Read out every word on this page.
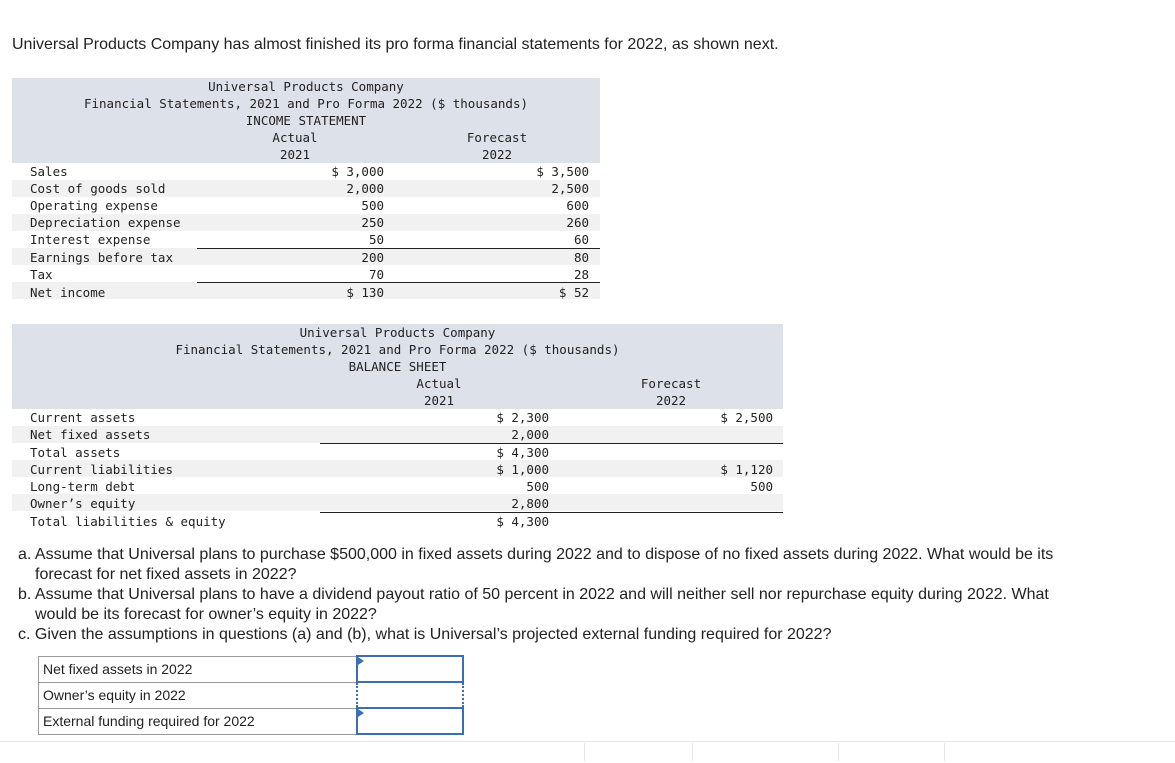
Universal Products Company has almost finished its pro forma financial statements for 2022, as shown next.
Universal Products Company
Financial Statements, 2021 and Pro Forma 2022 ($ thousands)
INCOME STATEMENT
Actual
2021
Forecast
2022
Sales	$ 3,000	$ 3,500
Cost of goods sold	2,000	2,500
Operating expense	500	600
Depreciation expense	250	260
Interest expense	50	60
Earnings before tax	200	80
Tax	70	28
Net income	$ 130	$ 52
Universal Products Company
Financial Statements, 2021 and Pro Forma 2022 ($ thousands)
BALANCE SHEET
Actual
2021
Forecast
2022
Current assets	$ 2,300	$ 2,500
Net fixed assets	2,000
Total assets	$ 4,300
Current liabilities	$ 1,000	$ 1,120
Long-term debt	500	500
Owner’s equity	2,800
Total liabilities & equity	$ 4,300
a. Assume that Universal plans to purchase $500,000 in fixed assets during 2022 and to dispose of no fixed assets during 2022. What would be its forecast for net fixed assets in 2022?
b. Assume that Universal plans to have a dividend payout ratio of 50 percent in 2022 and will neither sell nor repurchase equity during 2022. What would be its forecast for owner’s equity in 2022?
c. Given the assumptions in questions (a) and (b), what is Universal’s projected external funding required for 2022?
Net fixed assets in 2022	

Owner’s equity in 2022	
External funding required for 2022	
